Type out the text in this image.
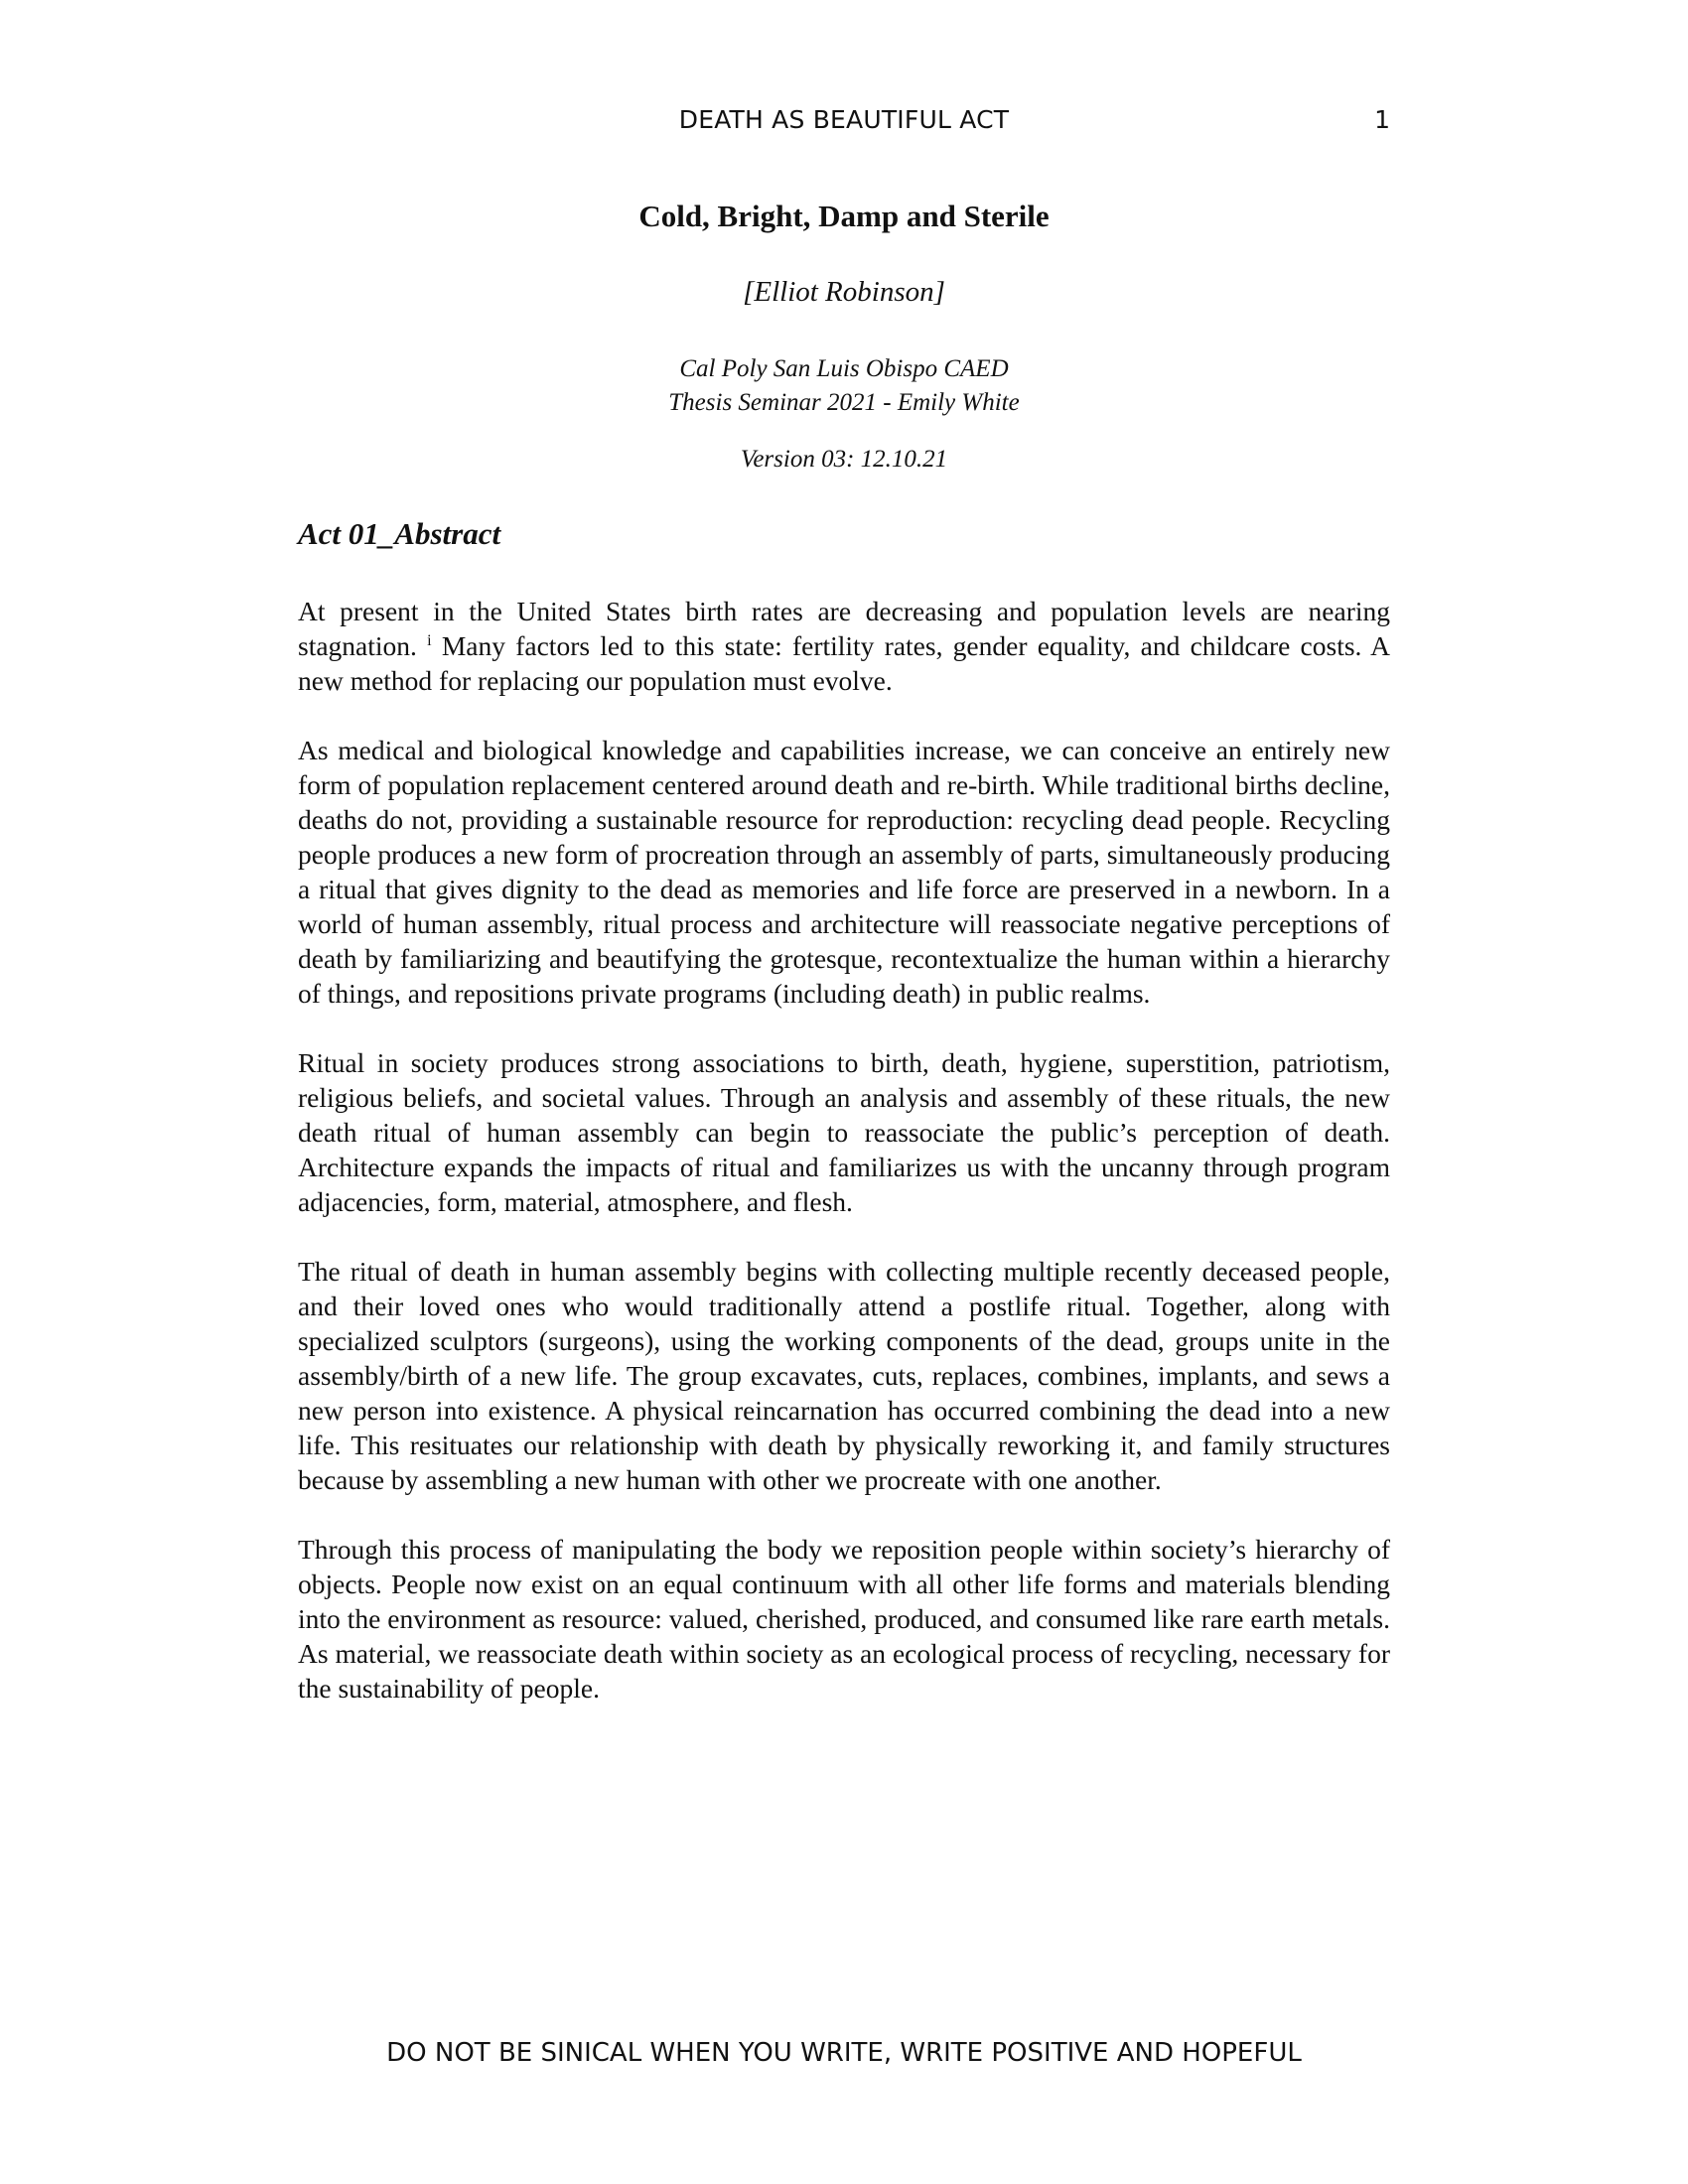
DEATH AS BEAUTIFUL ACT	1
Cold, Bright, Damp and Sterile
[Elliot Robinson]
Cal Poly San Luis Obispo CAED
Thesis Seminar 2021 - Emily White
Version 03: 12.10.21
Act 01_Abstract

At present in the United States birth rates are decreasing and population levels are nearing stagnation. $^i$ Many factors led to this state: fertility rates, gender equality, and childcare costs. A new method for replacing our population must evolve.

As medical and biological knowledge and capabilities increase, we can conceive an entirely new form of population replacement centered around death and re-birth. While traditional births decline, deaths do not, providing a sustainable resource for reproduction: recycling dead people. Recycling people produces a new form of procreation through an assembly of parts, simultaneously producing a ritual that gives dignity to the dead as memories and life force are preserved in a newborn. In a world of human assembly, ritual process and architecture will reassociate negative perceptions of death by familiarizing and beautifying the grotesque, recontextualize the human within a hierarchy of things, and repositions private programs (including death) in public realms.

Ritual in society produces strong associations to birth, death, hygiene, superstition, patriotism, religious beliefs, and societal values. Through an analysis and assembly of these rituals, the new death ritual of human assembly can begin to reassociate the public’s perception of death. Architecture expands the impacts of ritual and familiarizes us with the uncanny through program adjacencies, form, material, atmosphere, and flesh.

The ritual of death in human assembly begins with collecting multiple recently deceased people, and their loved ones who would traditionally attend a postlife ritual. Together, along with specialized sculptors (surgeons), using the working components of the dead, groups unite in the assembly/birth of a new life. The group excavates, cuts, replaces, combines, implants, and sews a new person into existence. A physical reincarnation has occurred combining the dead into a new life. This resituates our relationship with death by physically reworking it, and family structures because by assembling a new human with other we procreate with one another.

Through this process of manipulating the body we reposition people within society’s hierarchy of objects. People now exist on an equal continuum with all other life forms and materials blending into the environment as resource: valued, cherished, produced, and consumed like rare earth metals. As material, we reassociate death within society as an ecological process of recycling, necessary for the sustainability of people.

DO NOT BE SINICAL WHEN YOU WRITE, WRITE POSITIVE AND HOPEFUL
